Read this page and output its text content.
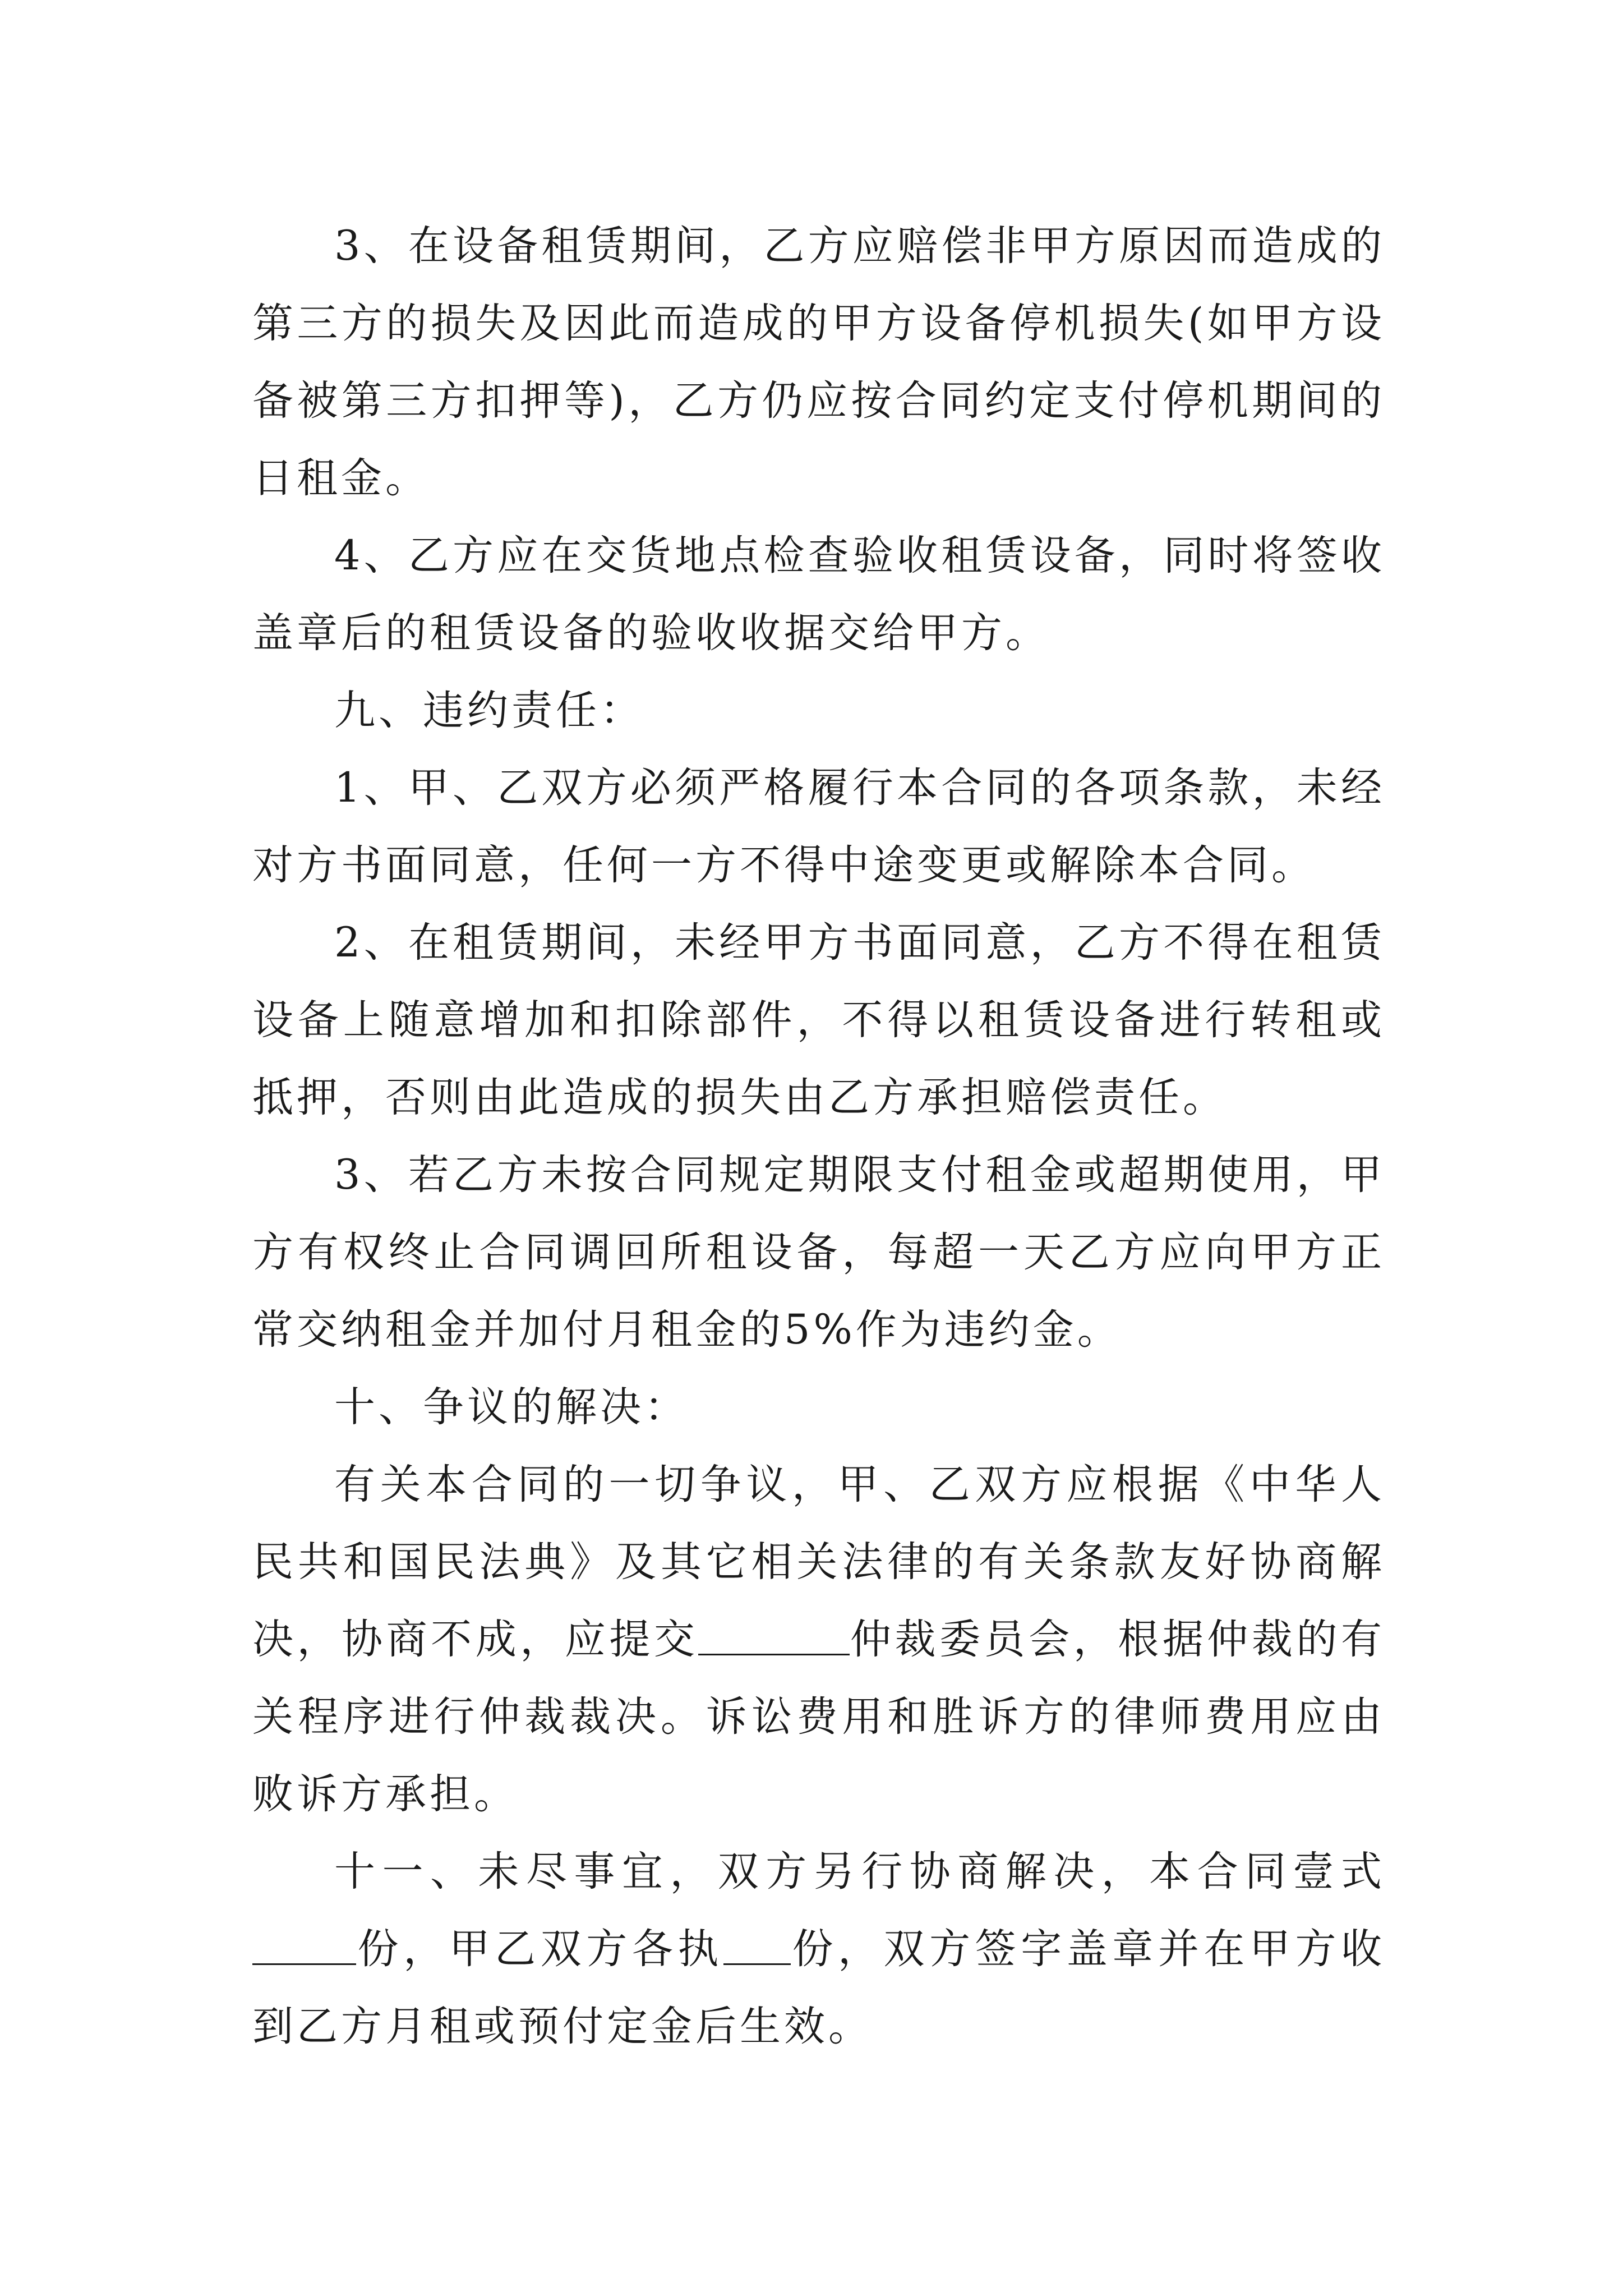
3、在设备租赁期间，乙方应赔偿非甲方原因而造成的第三方的损失及因此而造成的甲方设备停机损失(如甲方设备被第三方扣押等)，乙方仍应按合同约定支付停机期间的日租金。

4、乙方应在交货地点检查验收租赁设备，同时将签收盖章后的租赁设备的验收收据交给甲方。

九、违约责任：

1、甲、乙双方必须严格履行本合同的各项条款，未经对方书面同意，任何一方不得中途变更或解除本合同。

2、在租赁期间，未经甲方书面同意，乙方不得在租赁设备上随意增加和扣除部件，不得以租赁设备进行转租或抵押，否则由此造成的损失由乙方承担赔偿责任。

3、若乙方未按合同规定期限支付租金或超期使用，甲方有权终止合同调回所租设备，每超一天乙方应向甲方正常交纳租金并加付月租金的5%作为违约金。

十、争议的解决：

有关本合同的一切争议，甲、乙双方应根据《中华人民共和国民法典》及其它相关法律的有关条款友好协商解决，协商不成，应提交	仲裁委员会，根据仲裁的有关程序进行仲裁裁决。诉讼费用和胜诉方的律师费用应由败诉方承担。

十一、未尽事宜，双方另行协商解决，本合同壹式份，甲乙双方各执 份，双方签字盖章并在甲方收到乙方月租或预付定金后生效。
